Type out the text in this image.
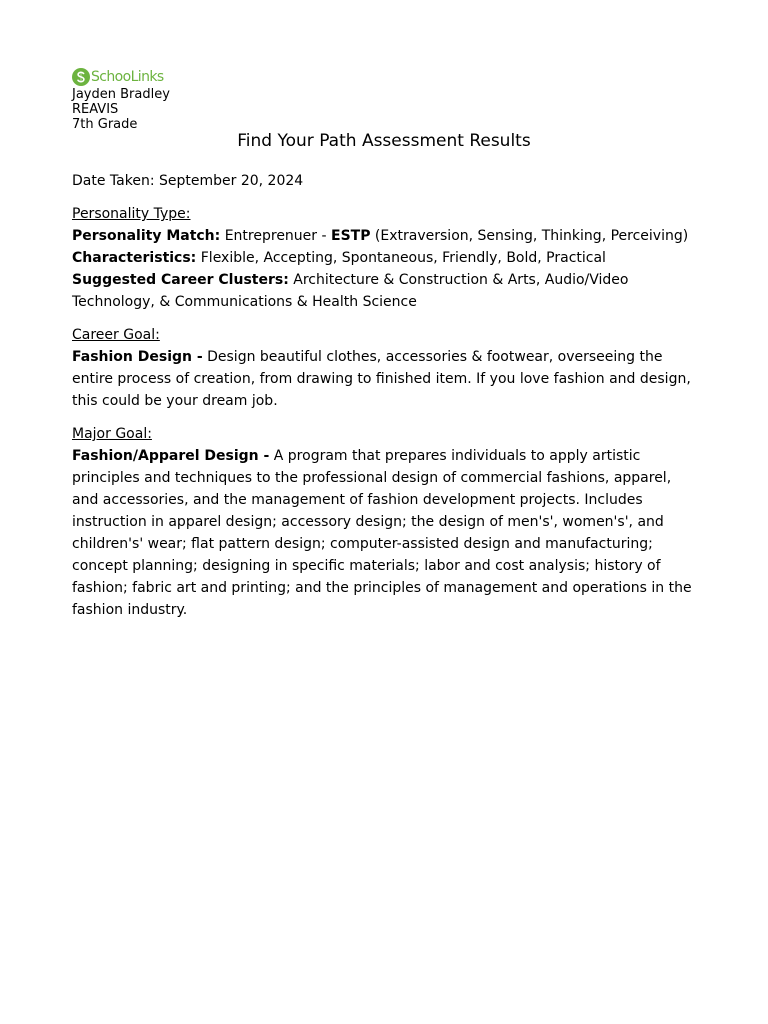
SchooLinks
Jayden Bradley
REAVIS
7th Grade
Find Your Path Assessment Results

Date Taken: September 20, 2024

Personality Type:

Personality Match: Entreprenuer - ESTP (Extraversion, Sensing, Thinking, Perceiving)

Characteristics: Flexible, Accepting, Spontaneous, Friendly, Bold, Practical

Suggested Career Clusters: Architecture & Construction & Arts, Audio/Video Technology, & Communications & Health Science

Career Goal:

Fashion Design - Design beautiful clothes, accessories & footwear, overseeing the entire process of creation, from drawing to finished item. If you love fashion and design, this could be your dream job.

Major Goal:

Fashion/Apparel Design - A program that prepares individuals to apply artistic principles and techniques to the professional design of commercial fashions, apparel, and accessories, and the management of fashion development projects. Includes instruction in apparel design; accessory design; the design of men's', women's', and children's' wear; flat pattern design; computer-assisted design and manufacturing; concept planning; designing in specific materials; labor and cost analysis; history of fashion; fabric art and printing; and the principles of management and operations in the fashion industry.
